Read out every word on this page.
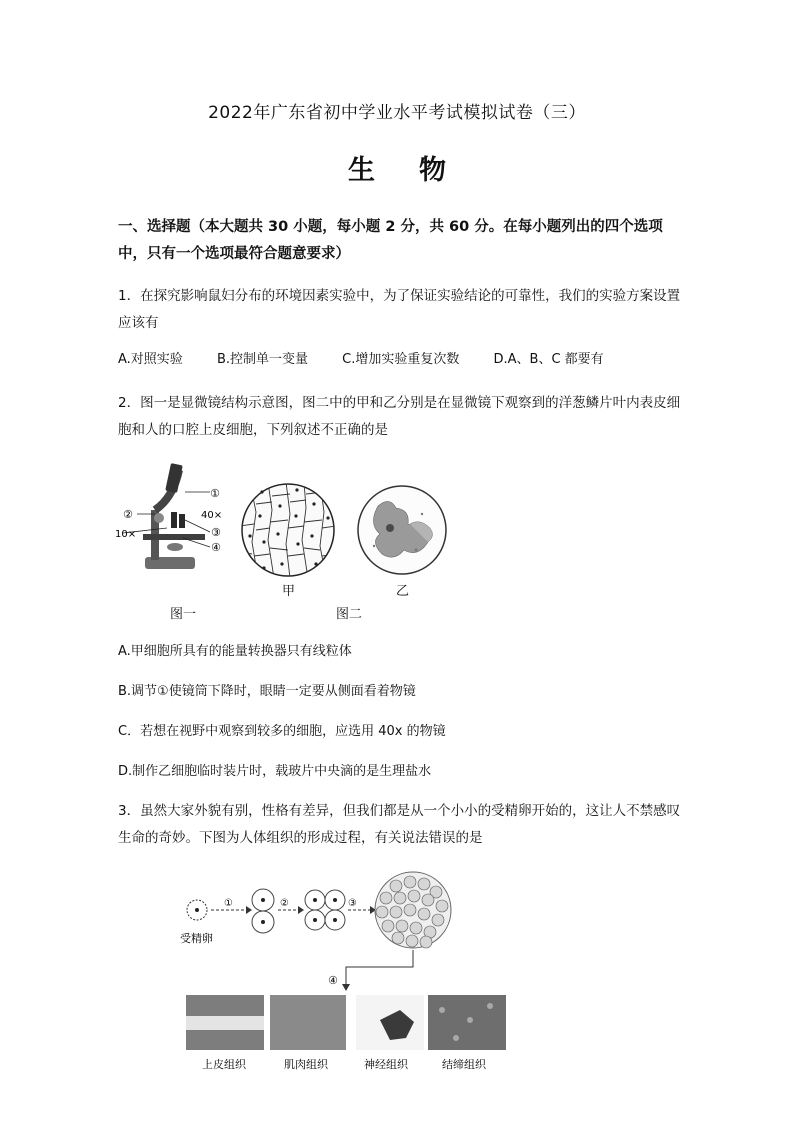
2022年广东省初中学业水平考试模拟试卷（三）
生物
一、选择题（本大题共 30 小题，每小题 2 分，共 60 分。在每小题列出的四个选项中，只有一个选项最符合题意要求）
1．在探究影响鼠妇分布的环境因素实验中，为了保证实验结论的可靠性，我们的实验方案设置应该有
A.对照实验	B.控制单一变量	C.增加实验重复次数	D.A、B、C 都要有
2．图一是显微镜结构示意图，图二中的甲和乙分别是在显微镜下观察到的洋葱鳞片叶内表皮细胞和人的口腔上皮细胞，下列叙述不正确的是
①
②	40×
③
10×
④
图一
甲
图二
乙
A.甲细胞所具有的能量转换器只有线粒体
B.调节①使镜筒下降时，眼睛一定要从侧面看着物镜
C．若想在视野中观察到较多的细胞，应选用 40x 的物镜
D.制作乙细胞临时装片时，载玻片中央滴的是生理盐水
3．虽然大家外貌有别，性格有差异，但我们都是从一个小小的受精卵开始的，这让人不禁感叹生命的奇妙。下图为人体组织的形成过程，有关说法错误的是
受精卵
①	②	③
④
上皮组织	肌肉组织	神经组织	结缔组织
